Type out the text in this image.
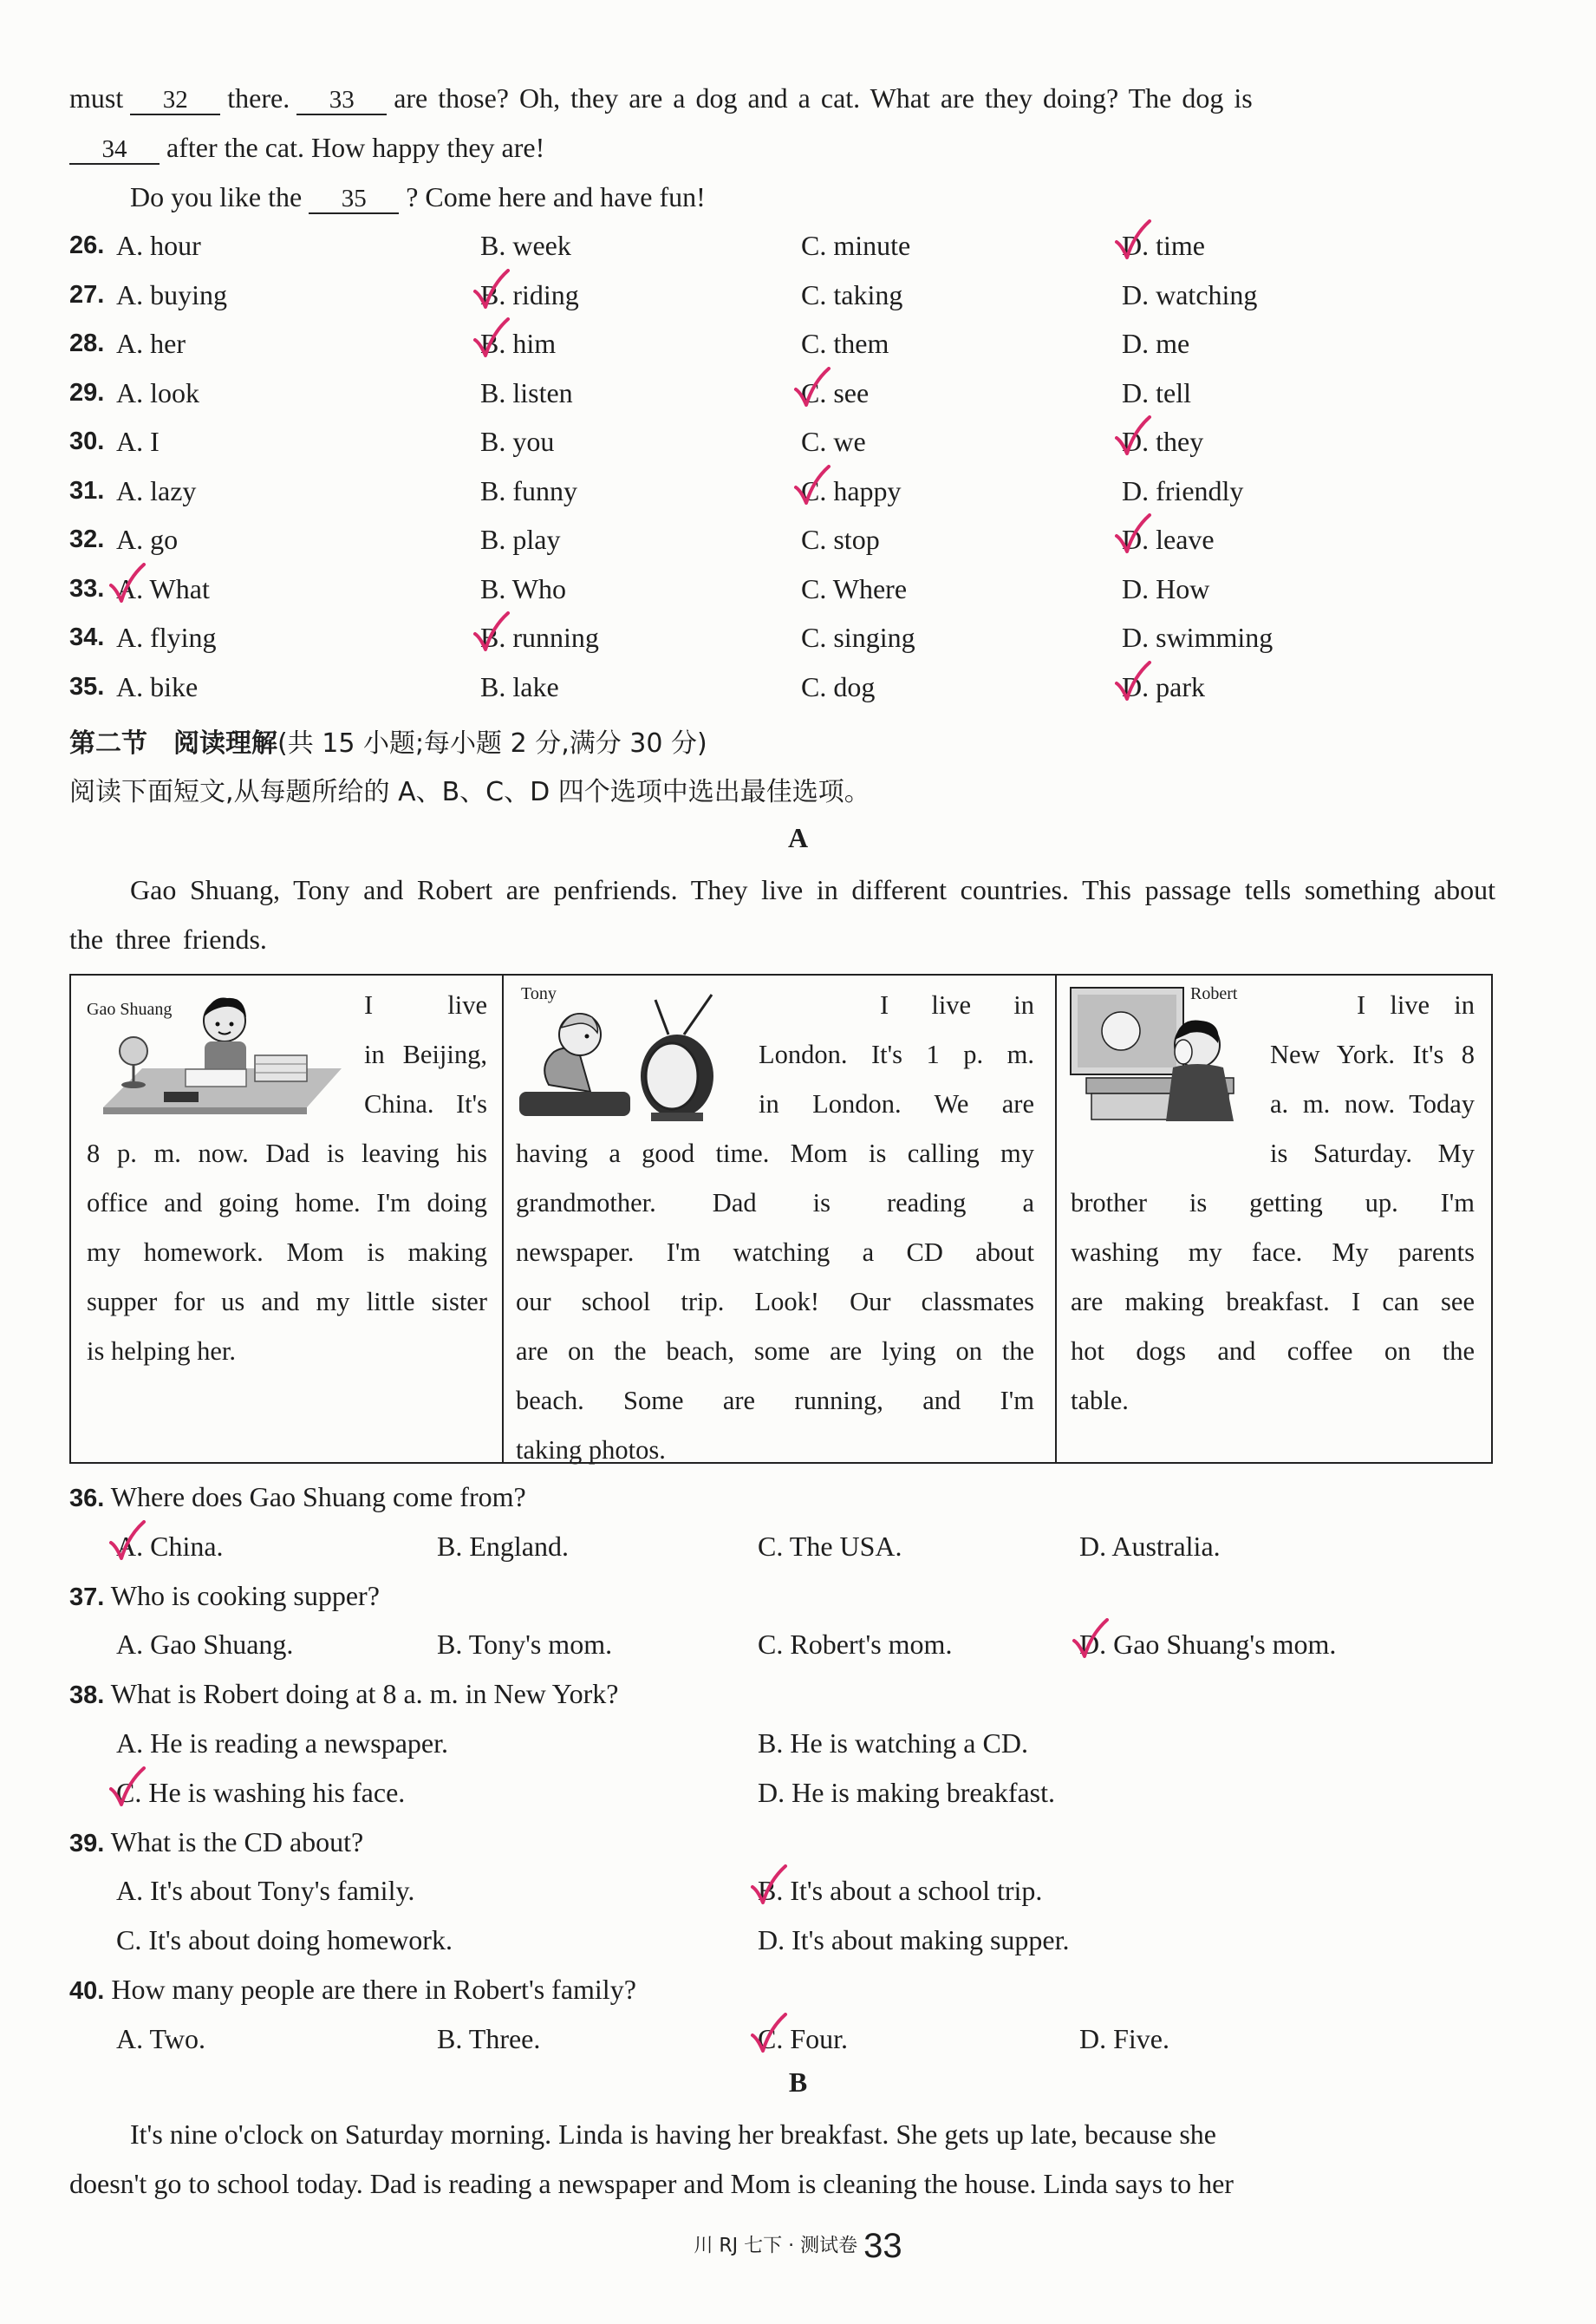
must 32 there. 33 are those? Oh, they are a dog and a cat. What are they doing? The dog is
34 after the cat. How happy they are!
Do you like the 35 ? Come here and have fun!
26. A. hour	B. week	C. minute	D. time
27. A. buying	B. riding	C. taking	D. watching
28. A. her	B. him	C. them	D. me
29. A. look	B. listen	C. see	D. tell
30. A. I	B. you	C. we	D. they
31. A. lazy	B. funny	C. happy	D. friendly
32. A. go	B. play	C. stop	D. leave
33. A. What	B. Who	C. Where	D. How
34. A. flying	B. running	C. singing	D. swimming
35. A. bike	B. lake	C. dog	D. park
第二节　阅读理解(共 15 小题;每小题 2 分,满分 30 分)
阅读下面短文,从每题所给的 A、B、C、D 四个选项中选出最佳选项。
A
Gao Shuang, Tony and Robert are penfriends. They live in different countries. This passage tells something about the three friends.
Gao Shuang	I live
in Beijing,
China. It's
8 p. m. now. Dad is leaving his
office and going home. I'm doing
my homework. Mom is making
supper for us and my little sister
is helping her.
Tony	I live in
London. It's 1 p. m.
in London. We are
having a good time. Mom is calling my
grandmother. Dad is reading a
newspaper. I'm watching a CD about
our school trip. Look! Our classmates
are on the beach, some are lying on the
beach. Some are running, and I'm
taking photos.
Robert	I live in
New York. It's 8
a. m. now. Today
is Saturday. My
brother is getting up. I'm
washing my face. My parents
are making breakfast. I can see
hot dogs and coffee on the
table.
36. Where does Gao Shuang come from?
A. China.	B. England.	C. The USA.	D. Australia.
37. Who is cooking supper?
A. Gao Shuang.	B. Tony's mom.	C. Robert's mom.	D. Gao Shuang's mom.
38. What is Robert doing at 8 a. m. in New York?
A. He is reading a newspaper.	B. He is watching a CD.
C. He is washing his face.	D. He is making breakfast.
39. What is the CD about?
A. It's about Tony's family.	B. It's about a school trip.
C. It's about doing homework.	D. It's about making supper.
40. How many people are there in Robert's family?
A. Two.	B. Three.	C. Four.	D. Five.
B
It's nine o'clock on Saturday morning. Linda is having her breakfast. She gets up late, because she
doesn't go to school today. Dad is reading a newspaper and Mom is cleaning the house. Linda says to her
川 RJ 七下 · 测试卷 33
